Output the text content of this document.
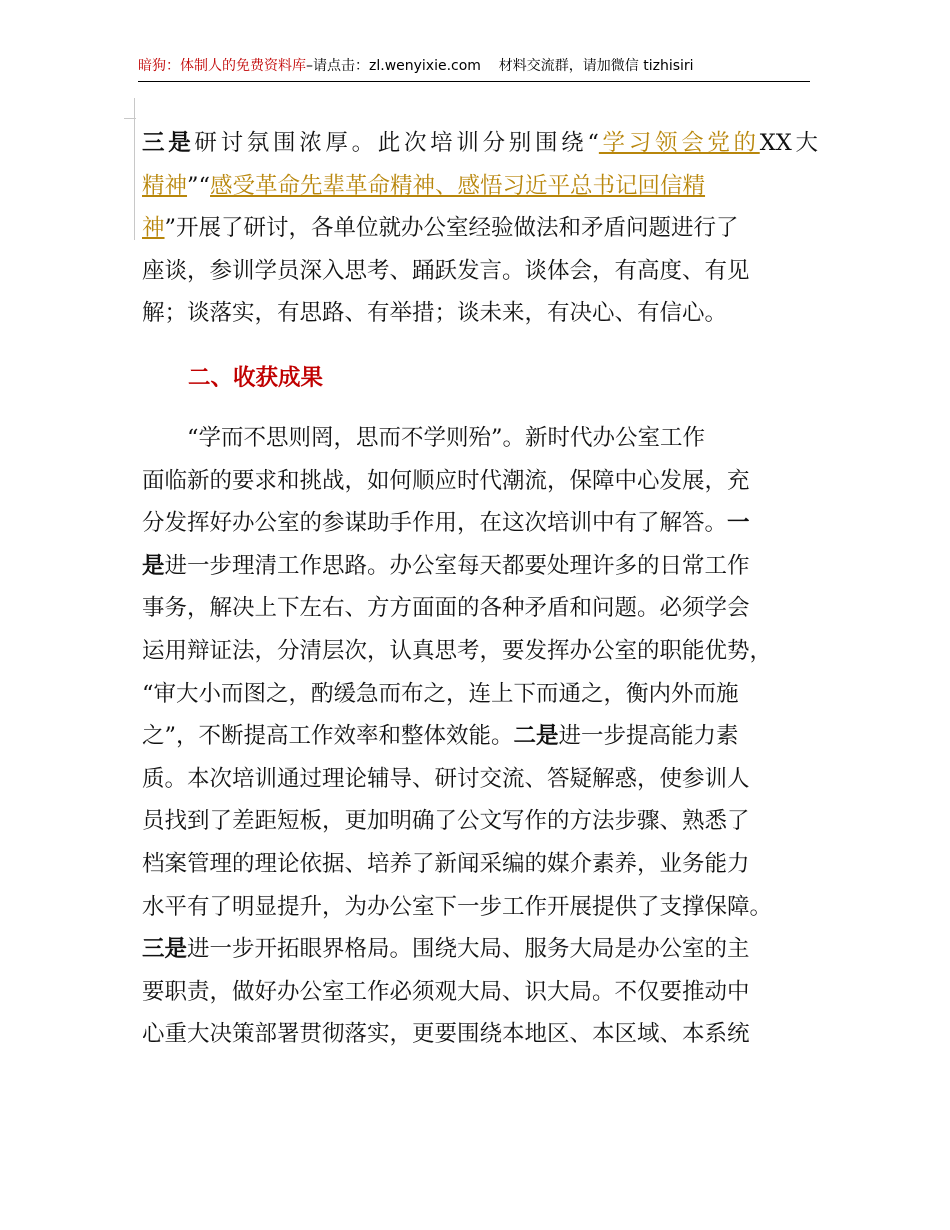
暗狗：体制人的免费资料库–请点击：zl.wenyixie.com 材料交流群，请加微信 tizhisiri
三是研讨氛围浓厚。此次培训分别围绕“学习领会党的XX大
精神”“感受革命先辈革命精神、感悟习近平总书记回信精
神”开展了研讨，各单位就办公室经验做法和矛盾问题进行了
座谈，参训学员深入思考、踊跃发言。谈体会，有高度、有见
解；谈落实，有思路、有举措；谈未来，有决心、有信心。
二、收获成果
“学而不思则罔，思而不学则殆”。新时代办公室工作
面临新的要求和挑战，如何顺应时代潮流，保障中心发展，充
分发挥好办公室的参谋助手作用，在这次培训中有了解答。一
是进一步理清工作思路。办公室每天都要处理许多的日常工作
事务，解决上下左右、方方面面的各种矛盾和问题。必须学会
运用辩证法，分清层次，认真思考，要发挥办公室的职能优势，
“审大小而图之，酌缓急而布之，连上下而通之，衡内外而施
之”，不断提高工作效率和整体效能。二是进一步提高能力素
质。本次培训通过理论辅导、研讨交流、答疑解惑，使参训人
员找到了差距短板，更加明确了公文写作的方法步骤、熟悉了
档案管理的理论依据、培养了新闻采编的媒介素养，业务能力
水平有了明显提升，为办公室下一步工作开展提供了支撑保障。
三是进一步开拓眼界格局。围绕大局、服务大局是办公室的主
要职责，做好办公室工作必须观大局、识大局。不仅要推动中
心重大决策部署贯彻落实，更要围绕本地区、本区域、本系统
